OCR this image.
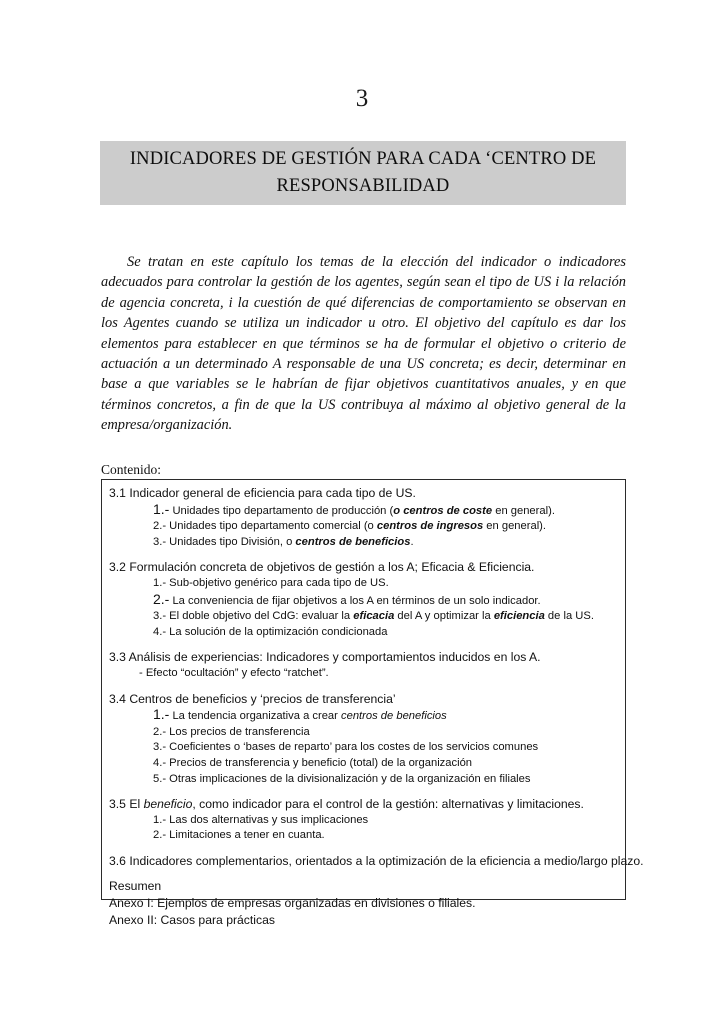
3
INDICADORES DE GESTIÓN PARA CADA ‘CENTRO DE RESPONSABILIDAD
Se tratan en este capítulo los temas de la elección del indicador o indicadores adecuados para controlar la gestión de los agentes, según sean el tipo de US i la relación de agencia concreta, i la cuestión de qué diferencias de comportamiento se observan en los Agentes cuando se utiliza un indicador u otro. El objetivo del capítulo es dar los elementos para establecer en que términos se ha de formular el objetivo o criterio de actuación a un determinado A responsable de una US concreta; es decir, determinar en base a que variables se le habrían de fijar objetivos cuantitativos anuales, y en que términos concretos, a fin de que la US contribuya al máximo al objetivo general de la empresa/organización.
Contenido:
3.1 Indicador general de eficiencia para cada tipo de US.
1.- Unidades tipo departamento de producción (o centros de coste en general).
2.- Unidades tipo departamento comercial (o centros de ingresos en general).
3.- Unidades tipo División, o centros de beneficios.
3.2 Formulación concreta de objetivos de gestión a los A; Eficacia & Eficiencia.
1.- Sub-objetivo genérico para cada tipo de US.
2.- La conveniencia de fijar objetivos a los A en términos de un solo indicador.
3.- El doble objetivo del CdG: evaluar la eficacia del A y optimizar la eficiencia de la US.
4.- La solución de la optimización condicionada
3.3 Análisis de experiencias: Indicadores y comportamientos inducidos en los A.
- Efecto “ocultación” y efecto “ratchet”.
3.4 Centros de beneficios y ‘precios de transferencia’
1.- La tendencia organizativa a crear centros de beneficios
2.- Los precios de transferencia
3.- Coeficientes o ‘bases de reparto’ para los costes de los servicios comunes
4.- Precios de transferencia y beneficio (total) de la organización
5.- Otras implicaciones de la divisionalización y de la organización en filiales
3.5 El beneficio, como indicador para el control de la gestión: alternativas y limitaciones.
1.- Las dos alternativas y sus implicaciones
2.- Limitaciones a tener en cuanta.
3.6 Indicadores complementarios, orientados a la optimización de la eficiencia a medio/largo plazo.
Resumen
Anexo I: Ejemplos de empresas organizadas en divisiones o filiales.
Anexo II: Casos para prácticas
